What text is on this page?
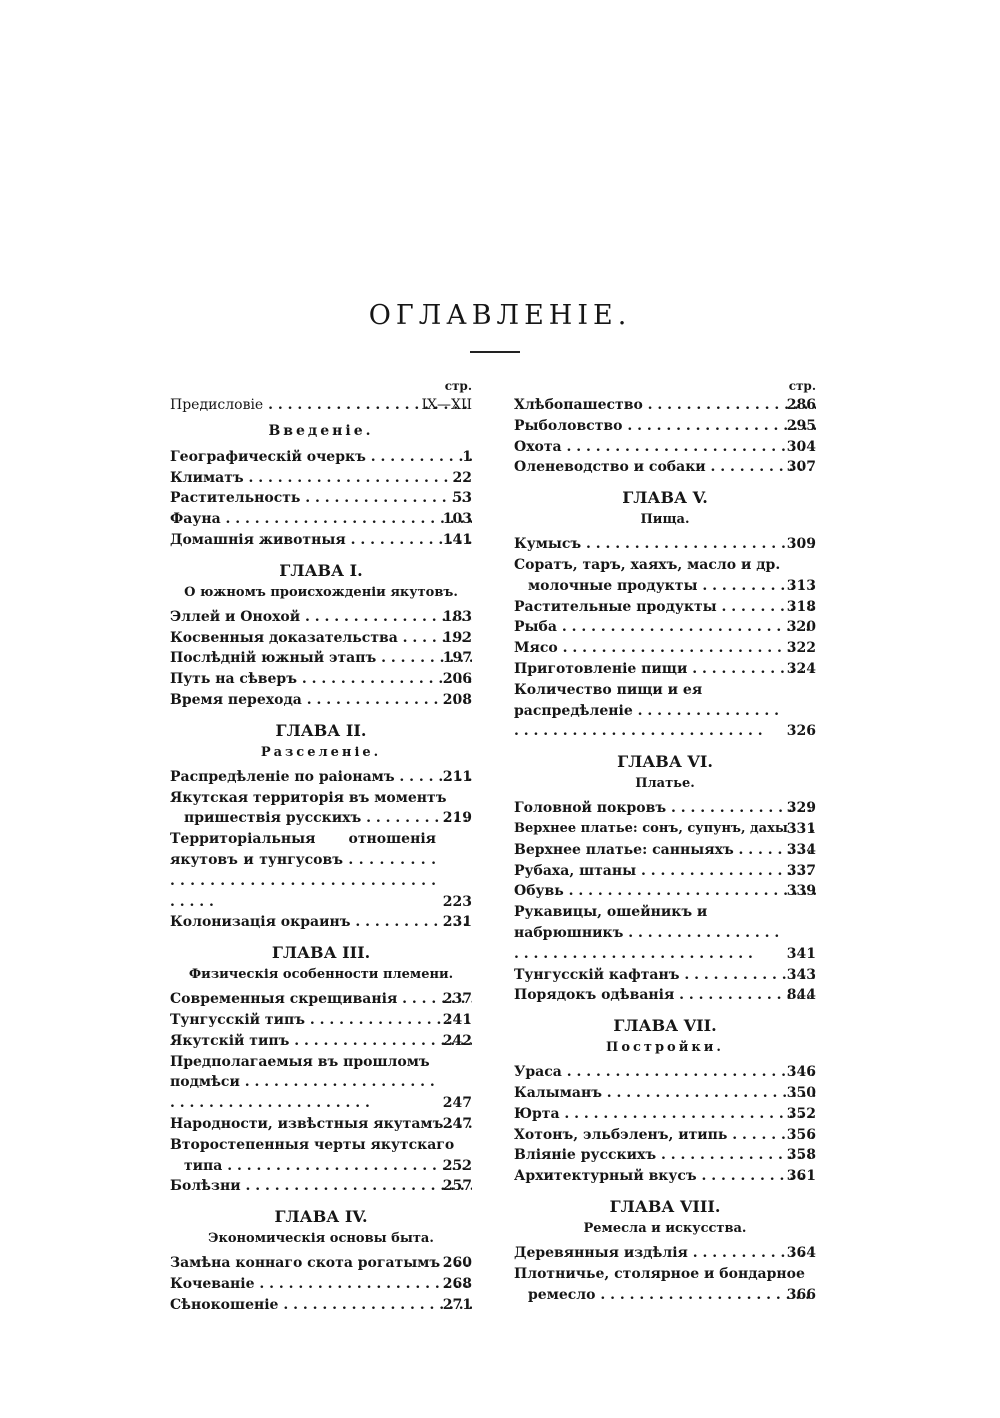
ОГЛАВЛЕНІЕ.
стр.
Предисловіе . . .	IX—XII
Введеніе.
Географическій очеркъ . . .	1
Климатъ . . .	22
Растительность . . .	53
Фауна . . .	103
Домашнія животныя . . .	141
ГЛАВА I.
О южномъ происхожденіи якутовъ.
Эллей и Онохой . . .	183
Косвенныя доказательства . . .	192
Послѣдній южный этапъ . . .	197
Путь на сѣверъ . . .	206
Время перехода . . .	208
ГЛАВА II.
Разселеніе.
Распредѣленіе по раіонамъ . . .	211
Якутская территорія въ моментъ
пришествія русскихъ . . .	219
Территоріальныя отношенія якутовъ и тунгусовъ . . .
223
Колонизація окраинъ . . .	231
ГЛАВА III.
Физическія особенности племени.
Современныя скрещиванія . . .	237
Тунгусскій типъ . . .	241
Якутскій типъ . . .	242
Предполагаемыя въ прошломъ подмѣси . . .
247
Народности, извѣстныя якутамъ . . . 247
Второстепенныя черты якутскаго
типа . . .	252
Болѣзни . . .	257
ГЛАВА IV.
Экономическія основы быта.
Замѣна коннаго скота рогатымъ . . . 260
Кочеваніе . . .	268
Сѣнокошеніе . . .	271
стр.
Хлѣбопашество . . .	286
Рыболовство . . .	295
Охота . . .	304
Оленеводство и собаки . . .	307
ГЛАВА V.
Пища.
Кумысъ . . .	309
Соратъ, таръ, хаяхъ, масло и др.
молочные продукты . . .	313
Растительные продукты . . .	318
Рыба . . .	320
Мясо . . .	322
Приготовленіе пищи . . .	324
Количество пищи и ея распредѣленіе . . .
326
ГЛАВА VI.
Платье.
Головной покровъ . . .	329
Верхнее платье: сонъ, супунъ, дахы . . .
331
Верхнее платье: санныяхъ . . .	334
Рубаха, штаны . . .	337
Обувь . . .	339
Рукавицы, ошейникъ и набрюшникъ . . .
341
Тунгусскій кафтанъ . . .	343
Порядокъ одѣванія . . .	844
ГЛАВА VII.
Постройки.
Ураса . . .	346
Калыманъ . . .	350
Юрта . . .	352
Хотонъ, эльбэленъ, итипь . . .	356
Вліяніе русскихъ . . .	358
Архитектурный вкусъ . . .	361
ГЛАВА VIII.
Ремесла и искусства.
Деревянныя издѣлія . . .	364
Плотничье, столярное и бондарное
ремесло . . .	366
